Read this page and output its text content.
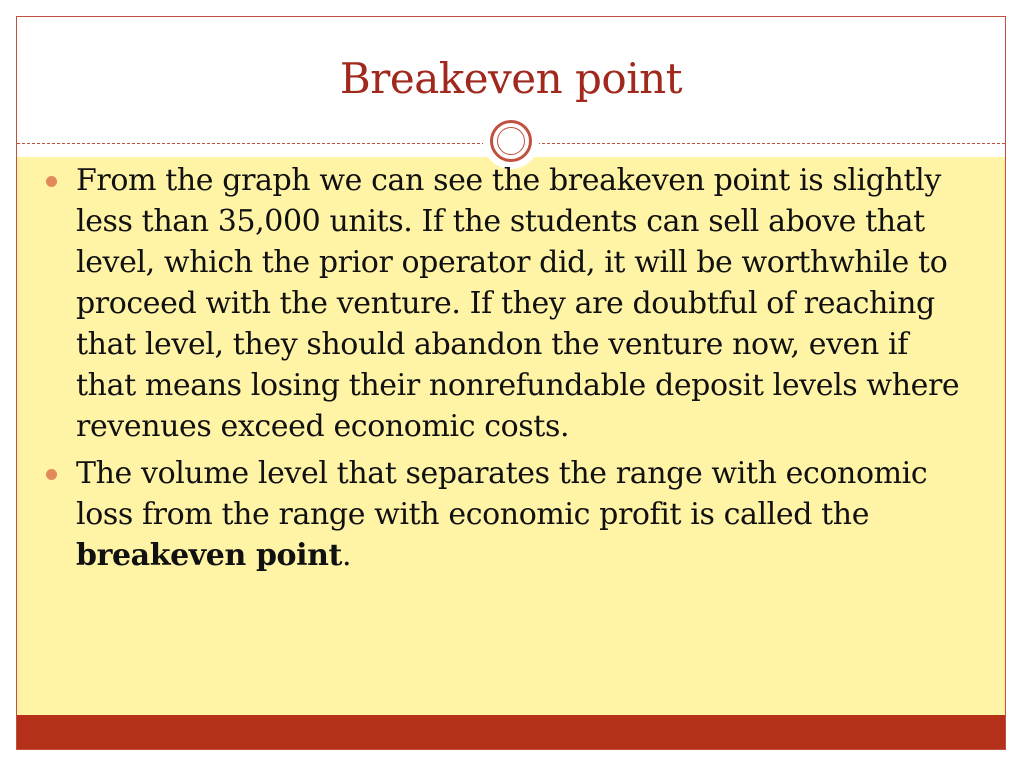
Breakeven point
From the graph we can see the breakeven point is slightly less than 35,000 units. If the students can sell above that level, which the prior operator did, it will be worthwhile to proceed with the venture. If they are doubtful of reaching that level, they should abandon the venture now, even if that means losing their nonrefundable deposit levels where revenues exceed economic costs.
The volume level that separates the range with economic loss from the range with economic profit is called the breakeven point.
